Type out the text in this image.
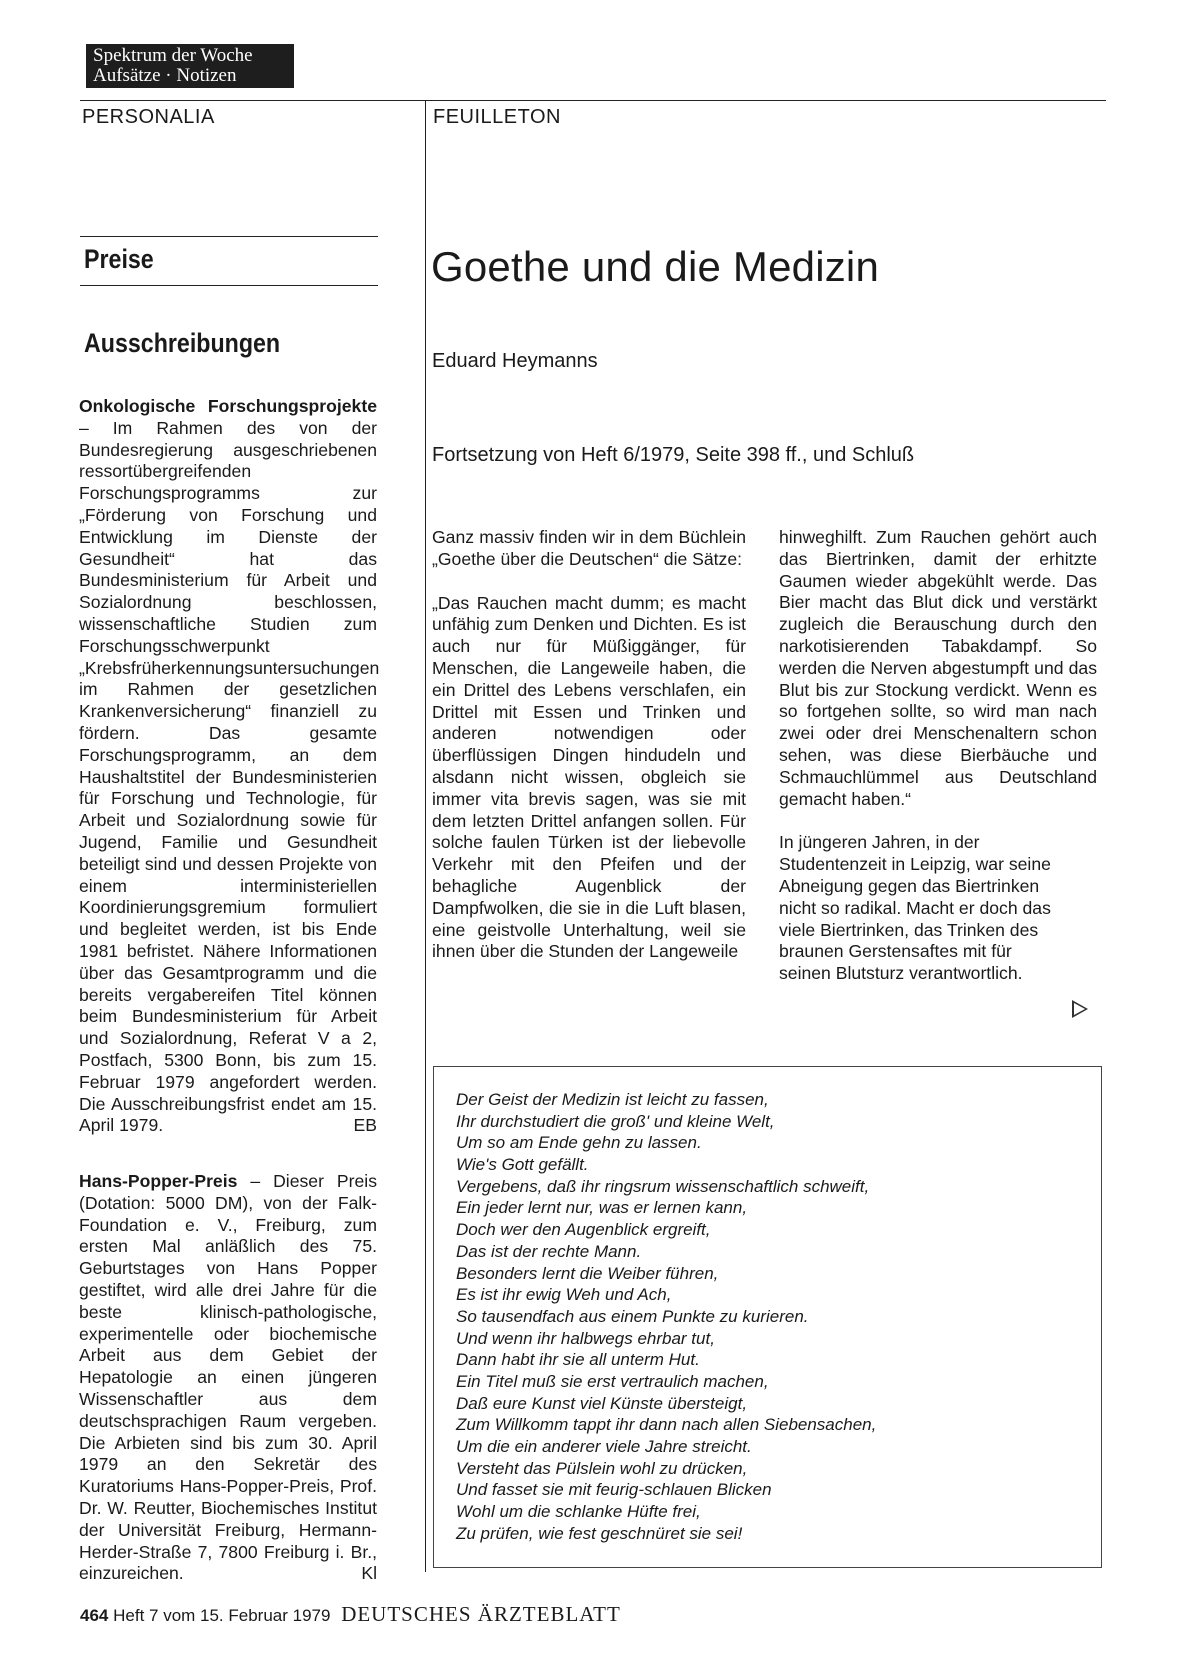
Spektrum der Woche
Aufsätze · Notizen
PERSONALIA	FEUILLETON
Preise
Ausschreibungen

Onkologische Forschungsprojekte – Im Rahmen des von der Bundesregierung ausgeschriebenen ressortübergreifenden Forschungsprogramms zur „Förderung von Forschung und Entwicklung im Dienste der Gesundheit“ hat das Bundesministerium für Arbeit und Sozialordnung beschlossen, wissenschaftliche Studien zum Forschungsschwerpunkt „Krebsfrüherkennungsuntersuchungen im Rahmen der gesetzlichen Krankenversicherung“ finanziell zu fördern. Das gesamte Forschungsprogramm, an dem Haushaltstitel der Bundesministerien für Forschung und Technologie, für Arbeit und Sozialordnung sowie für Jugend, Familie und Gesundheit beteiligt sind und dessen Projekte von einem interministeriellen Koordinierungsgremium formuliert und begleitet werden, ist bis Ende 1981 befristet. Nähere Informationen über das Gesamtprogramm und die bereits vergabereifen Titel können beim Bundesministerium für Arbeit und Sozialordnung, Referat V a 2, Postfach, 5300 Bonn, bis zum 15. Februar 1979 angefordert werden. Die Ausschreibungsfrist endet am 15. April 1979.	EB

Hans-Popper-Preis – Dieser Preis (Dotation: 5000 DM), von der Falk-Foundation e. V., Freiburg, zum ersten Mal anläßlich des 75. Geburtstages von Hans Popper gestiftet, wird alle drei Jahre für die beste klinisch-pathologische, experimentelle oder biochemische Arbeit aus dem Gebiet der Hepatologie an einen jüngeren Wissenschaftler aus dem deutschsprachigen Raum vergeben. Die Arbieten sind bis zum 30. April 1979 an den Sekretär des Kuratoriums Hans-Popper-Preis, Prof. Dr. W. Reutter, Biochemisches Institut der Universität Freiburg, Hermann-Herder-Straße 7, 7800 Freiburg i. Br., einzureichen.	Kl
Goethe und die Medizin
Eduard Heymanns
Fortsetzung von Heft 6/1979, Seite 398 ff., und Schluß

Ganz massiv finden wir in dem Büchlein „Goethe über die Deutschen“ die Sätze:

„Das Rauchen macht dumm; es macht unfähig zum Denken und Dichten. Es ist auch nur für Müßiggänger, für Menschen, die Langeweile haben, die ein Drittel des Lebens verschlafen, ein Drittel mit Essen und Trinken und anderen notwendigen oder überflüssigen Dingen hindudeln und alsdann nicht wissen, obgleich sie immer vita brevis sagen, was sie mit dem letzten Drittel anfangen sollen. Für solche faulen Türken ist der liebevolle Verkehr mit den Pfeifen und der behagliche Augenblick der Dampfwolken, die sie in die Luft blasen, eine geistvolle Unterhaltung, weil sie ihnen über die Stunden der Langeweile

hinweghilft. Zum Rauchen gehört auch das Biertrinken, damit der erhitzte Gaumen wieder abgekühlt werde. Das Bier macht das Blut dick und verstärkt zugleich die Berauschung durch den narkotisierenden Tabakdampf. So werden die Nerven abgestumpft und das Blut bis zur Stockung verdickt. Wenn es so fortgehen sollte, so wird man nach zwei oder drei Menschenaltern schon sehen, was diese Bierbäuche und Schmauchlümmel aus Deutschland gemacht haben.“

In jüngeren Jahren, in der Studentenzeit in Leipzig, war seine Abneigung gegen das Biertrinken nicht so radikal. Macht er doch das viele Biertrinken, das Trinken des braunen Gerstensaftes mit für seinen Blutsturz verantwortlich.

Der Geist der Medizin ist leicht zu fassen,
Ihr durchstudiert die groß' und kleine Welt,
Um so am Ende gehn zu lassen.
Wie's Gott gefällt.
Vergebens, daß ihr ringsrum wissenschaftlich schweift,
Ein jeder lernt nur, was er lernen kann,
Doch wer den Augenblick ergreift,
Das ist der rechte Mann.
Besonders lernt die Weiber führen,
Es ist ihr ewig Weh und Ach,
So tausendfach aus einem Punkte zu kurieren.
Und wenn ihr halbwegs ehrbar tut,
Dann habt ihr sie all unterm Hut.
Ein Titel muß sie erst vertraulich machen,
Daß eure Kunst viel Künste übersteigt,
Zum Willkomm tappt ihr dann nach allen Siebensachen,
Um die ein anderer viele Jahre streicht.
Versteht das Pülslein wohl zu drücken,
Und fasset sie mit feurig-schlauen Blicken
Wohl um die schlanke Hüfte frei,
Zu prüfen, wie fest geschnüret sie sei!
464 Heft 7 vom 15. Februar 1979 DEUTSCHES ÄRZTEBLATT
